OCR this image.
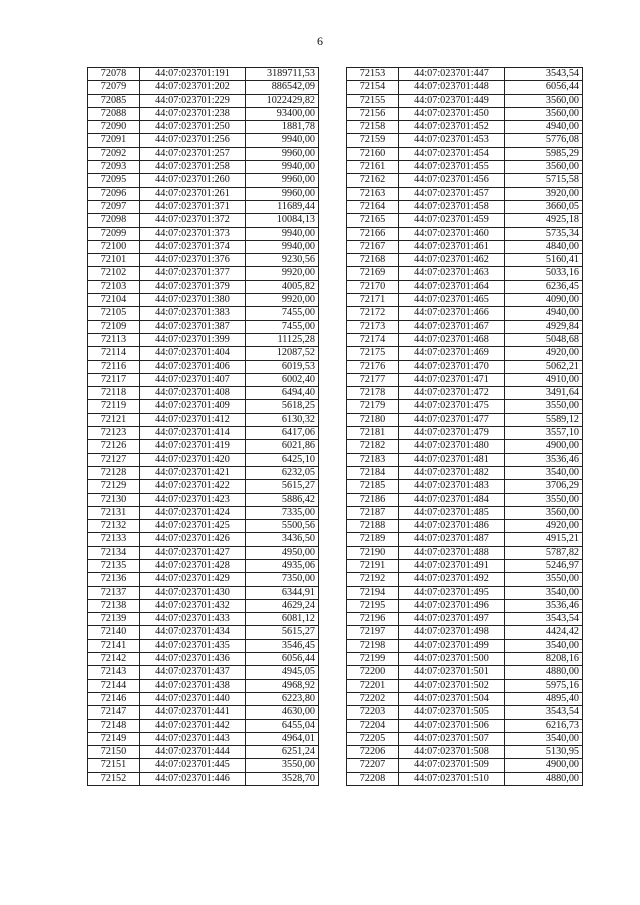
6
72078	44:07:023701:191	3189711,53
72079	44:07:023701:202	886542,09
72085	44:07:023701:229	1022429,82
72088	44:07:023701:238	93400,00
72090	44:07:023701:250	1881,78
72091	44:07:023701:256	9940,00
72092	44:07:023701:257	9960,00
72093	44:07:023701:258	9940,00
72095	44:07:023701:260	9960,00
72096	44:07:023701:261	9960,00
72097	44:07:023701:371	11689,44
72098	44:07:023701:372	10084,13
72099	44:07:023701:373	9940,00
72100	44:07:023701:374	9940,00
72101	44:07:023701:376	9230,56
72102	44:07:023701:377	9920,00
72103	44:07:023701:379	4005,82
72104	44:07:023701:380	9920,00
72105	44:07:023701:383	7455,00
72109	44:07:023701:387	7455,00
72113	44:07:023701:399	11125,28
72114	44:07:023701:404	12087,52
72116	44:07:023701:406	6019,53
72117	44:07:023701:407	6002,40
72118	44:07:023701:408	6494,40
72119	44:07:023701:409	5618,25
72121	44:07:023701:412	6130,32
72123	44:07:023701:414	6417,06
72126	44:07:023701:419	6021,86
72127	44:07:023701:420	6425,10
72128	44:07:023701:421	6232,05
72129	44:07:023701:422	5615,27
72130	44:07:023701:423	5886,42
72131	44:07:023701:424	7335,00
72132	44:07:023701:425	5500,56
72133	44:07:023701:426	3436,50
72134	44:07:023701:427	4950,00
72135	44:07:023701:428	4935,06
72136	44:07:023701:429	7350,00
72137	44:07:023701:430	6344,91
72138	44:07:023701:432	4629,24
72139	44:07:023701:433	6081,12
72140	44:07:023701:434	5615,27
72141	44:07:023701:435	3546,45
72142	44:07:023701:436	6056,44
72143	44:07:023701:437	4945,05
72144	44:07:023701:438	4968,92
72146	44:07:023701:440	6223,80
72147	44:07:023701:441	4630,00
72148	44:07:023701:442	6455,04
72149	44:07:023701:443	4964,01
72150	44:07:023701:444	6251,24
72151	44:07:023701:445	3550,00
72152	44:07:023701:446	3528,70
72153	44:07:023701:447	3543,54
72154	44:07:023701:448	6056,44
72155	44:07:023701:449	3560,00
72156	44:07:023701:450	3560,00
72158	44:07:023701:452	4940,00
72159	44:07:023701:453	5776,08
72160	44:07:023701:454	5985,29
72161	44:07:023701:455	3560,00
72162	44:07:023701:456	5715,58
72163	44:07:023701:457	3920,00
72164	44:07:023701:458	3660,05
72165	44:07:023701:459	4925,18
72166	44:07:023701:460	5735,34
72167	44:07:023701:461	4840,00
72168	44:07:023701:462	5160,41
72169	44:07:023701:463	5033,16
72170	44:07:023701:464	6236,45
72171	44:07:023701:465	4090,00
72172	44:07:023701:466	4940,00
72173	44:07:023701:467	4929,84
72174	44:07:023701:468	5048,68
72175	44:07:023701:469	4920,00
72176	44:07:023701:470	5062,21
72177	44:07:023701:471	4910,00
72178	44:07:023701:472	3491,64
72179	44:07:023701:475	3550,00
72180	44:07:023701:477	5589,12
72181	44:07:023701:479	3557,10
72182	44:07:023701:480	4900,00
72183	44:07:023701:481	3536,46
72184	44:07:023701:482	3540,00
72185	44:07:023701:483	3706,29
72186	44:07:023701:484	3550,00
72187	44:07:023701:485	3560,00
72188	44:07:023701:486	4920,00
72189	44:07:023701:487	4915,21
72190	44:07:023701:488	5787,82
72191	44:07:023701:491	5246,97
72192	44:07:023701:492	3550,00
72194	44:07:023701:495	3540,00
72195	44:07:023701:496	3536,46
72196	44:07:023701:497	3543,54
72197	44:07:023701:498	4424,42
72198	44:07:023701:499	3540,00
72199	44:07:023701:500	8208,16
72200	44:07:023701:501	4880,00
72201	44:07:023701:502	5975,16
72202	44:07:023701:504	4895,40
72203	44:07:023701:505	3543,54
72204	44:07:023701:506	6216,73
72205	44:07:023701:507	3540,00
72206	44:07:023701:508	5130,95
72207	44:07:023701:509	4900,00
72208	44:07:023701:510	4880,00
